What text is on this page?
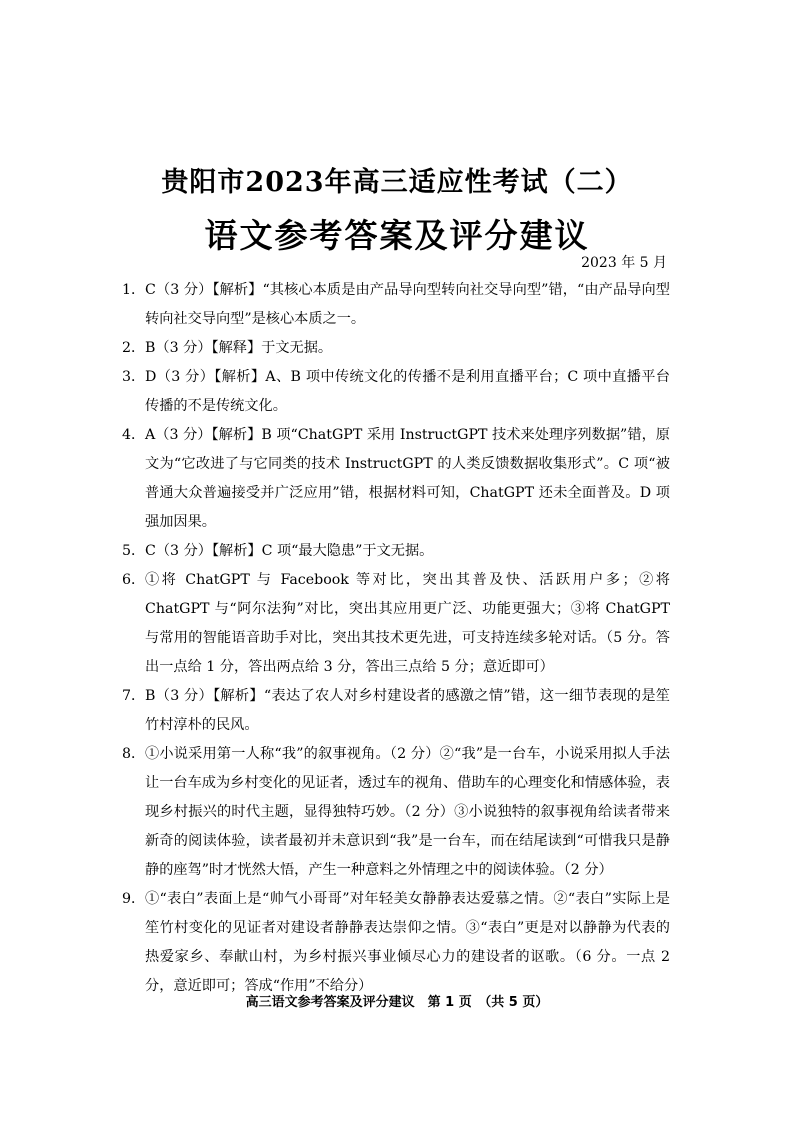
贵阳市2023年高三适应性考试（二）
语文参考答案及评分建议
2023 年 5 月
1． C（3 分）【解析】“其核心本质是由产品导向型转向社交导向型”错，“由产品导向型转向社交导向型”是核心本质之一。
2． B（3 分）【解释】于文无据。
3． D（3 分）【解析】A、B 项中传统文化的传播不是利用直播平台；C 项中直播平台传播的不是传统文化。
4． A（3 分）【解析】B 项“ChatGPT 采用 InstructGPT 技术来处理序列数据”错，原文为“它改进了与它同类的技术 InstructGPT 的人类反馈数据收集形式”。C 项“被普通大众普遍接受并广泛应用”错，根据材料可知，ChatGPT 还未全面普及。D 项强加因果。
5． C（3 分）【解析】C 项“最大隐患”于文无据。
6． ①将 ChatGPT 与 Facebook 等对比，突出其普及快、活跃用户多；②将 ChatGPT 与“阿尔法狗”对比，突出其应用更广泛、功能更强大；③将 ChatGPT 与常用的智能语音助手对比，突出其技术更先进，可支持连续多轮对话。（5 分。答出一点给 1 分，答出两点给 3 分，答出三点给 5 分；意近即可）
7． B（3 分）【解析】“表达了农人对乡村建设者的感激之情”错，这一细节表现的是笙竹村淳朴的民风。
8． ①小说采用第一人称“我”的叙事视角。（2 分）②“我”是一台车，小说采用拟人手法让一台车成为乡村变化的见证者，透过车的视角、借助车的心理变化和情感体验，表现乡村振兴的时代主题，显得独特巧妙。（2 分）③小说独特的叙事视角给读者带来新奇的阅读体验，读者最初并未意识到“我”是一台车，而在结尾读到“可惜我只是静静的座驾”时才恍然大悟，产生一种意料之外情理之中的阅读体验。（2 分）
9． ①“表白”表面上是“帅气小哥哥”对年轻美女静静表达爱慕之情。②“表白”实际上是笙竹村变化的见证者对建设者静静表达崇仰之情。③“表白”更是对以静静为代表的热爱家乡、奉献山村，为乡村振兴事业倾尽心力的建设者的讴歌。（6 分。一点 2 分，意近即可；答成“作用”不给分）
高三语文参考答案及评分建议　第 1 页　（共 5 页）
